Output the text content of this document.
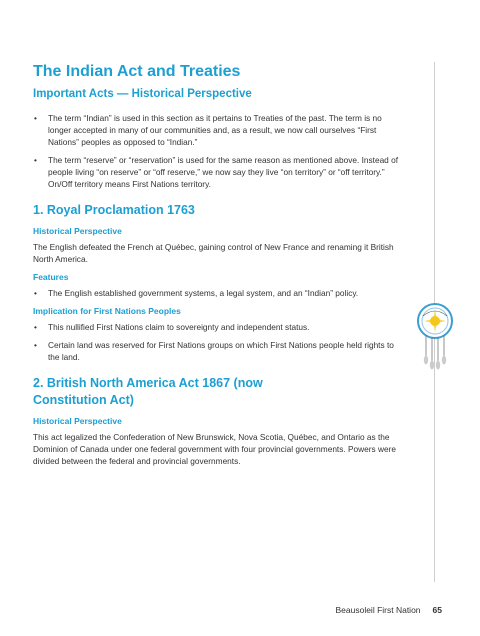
The Indian Act and Treaties
Important Acts — Historical Perspective
• The term “Indian” is used in this section as it pertains to Treaties of the past. The term is no longer accepted in many of our communities and, as a result, we now call ourselves “First Nations” peoples as opposed to “Indian.”
• The term “reserve” or “reservation” is used for the same reason as mentioned above. Instead of people living “on reserve” or “off reserve,” we now say they live “on territory” or “off territory.” On/Off territory means First Nations territory.
1. Royal Proclamation 1763
Historical Perspective

The English defeated the French at Québec, gaining control of New France and renaming it British North America.

Features
• The English established government systems, a legal system, and an “Indian” policy.
Implication for First Nations Peoples
• This nullified First Nations claim to sovereignty and independent status.
• Certain land was reserved for First Nations groups on which First Nations people held rights to the land.
2. British North America Act 1867 (now
Constitution Act)
Historical Perspective

This act legalized the Confederation of New Brunswick, Nova Scotia, Québec, and Ontario as the Dominion of Canada under one federal government with four provincial governments. Powers were divided between the federal and provincial governments.

Beausoleil First Nation 65
